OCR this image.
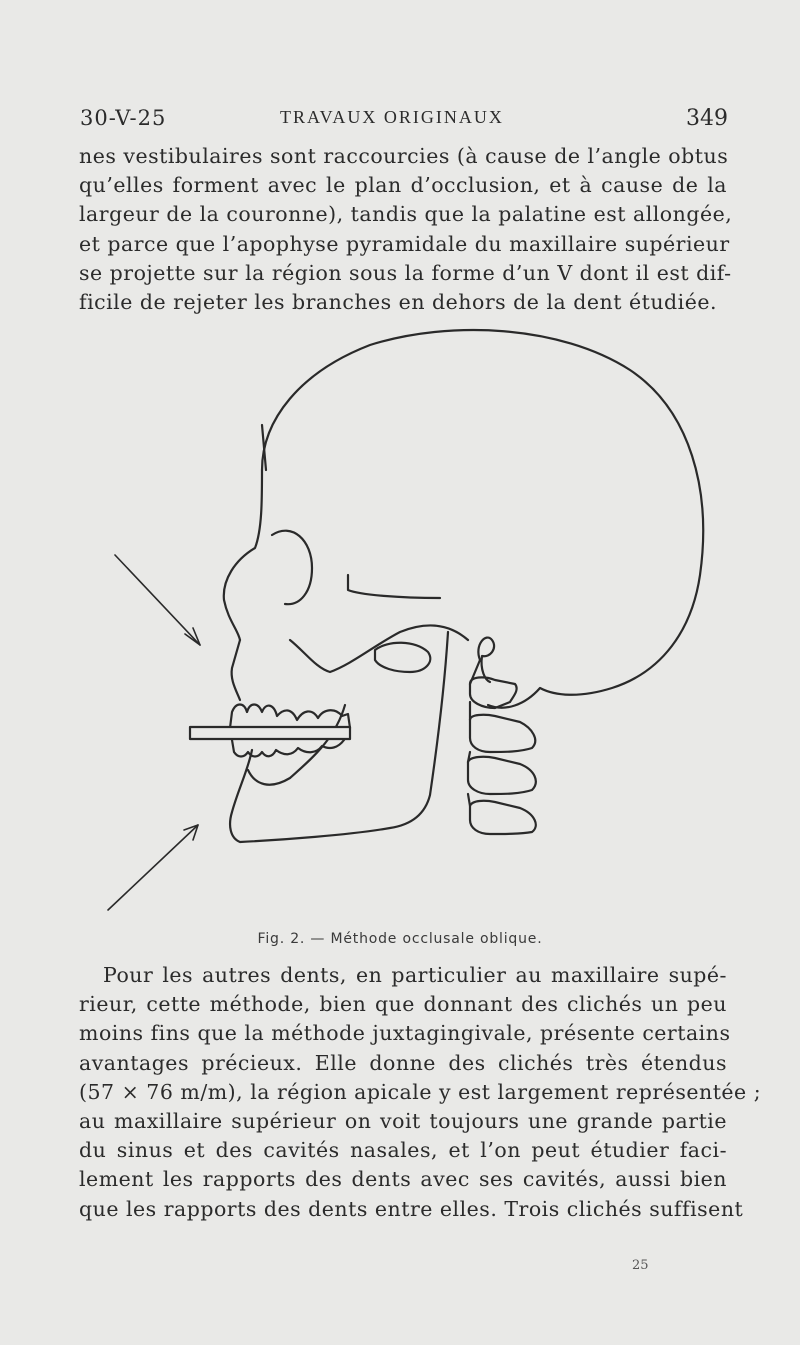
30-V-25	TRAVAUX ORIGINAUX	349
nes vestibulaires sont raccourcies (à cause de l’angle obtus
qu’elles forment avec le plan d’occlusion, et à cause de la
largeur de la couronne), tandis que la palatine est allongée,
et parce que l’apophyse pyramidale du maxillaire supérieur
se projette sur la région sous la forme d’un V dont il est dif-
ficile de rejeter les branches en dehors de la dent étudiée.
Fig. 2. — Méthode occlusale oblique.
Pour les autres dents, en particulier au maxillaire supé-
rieur, cette méthode, bien que donnant des clichés un peu
moins fins que la méthode juxtagingivale, présente certains
avantages précieux. Elle donne des clichés très étendus
(57 × 76 m/m), la région apicale y est largement représentée ;
au maxillaire supérieur on voit toujours une grande partie
du sinus et des cavités nasales, et l’on peut étudier faci-
lement les rapports des dents avec ses cavités, aussi bien
que les rapports des dents entre elles. Trois clichés suffisent
25
